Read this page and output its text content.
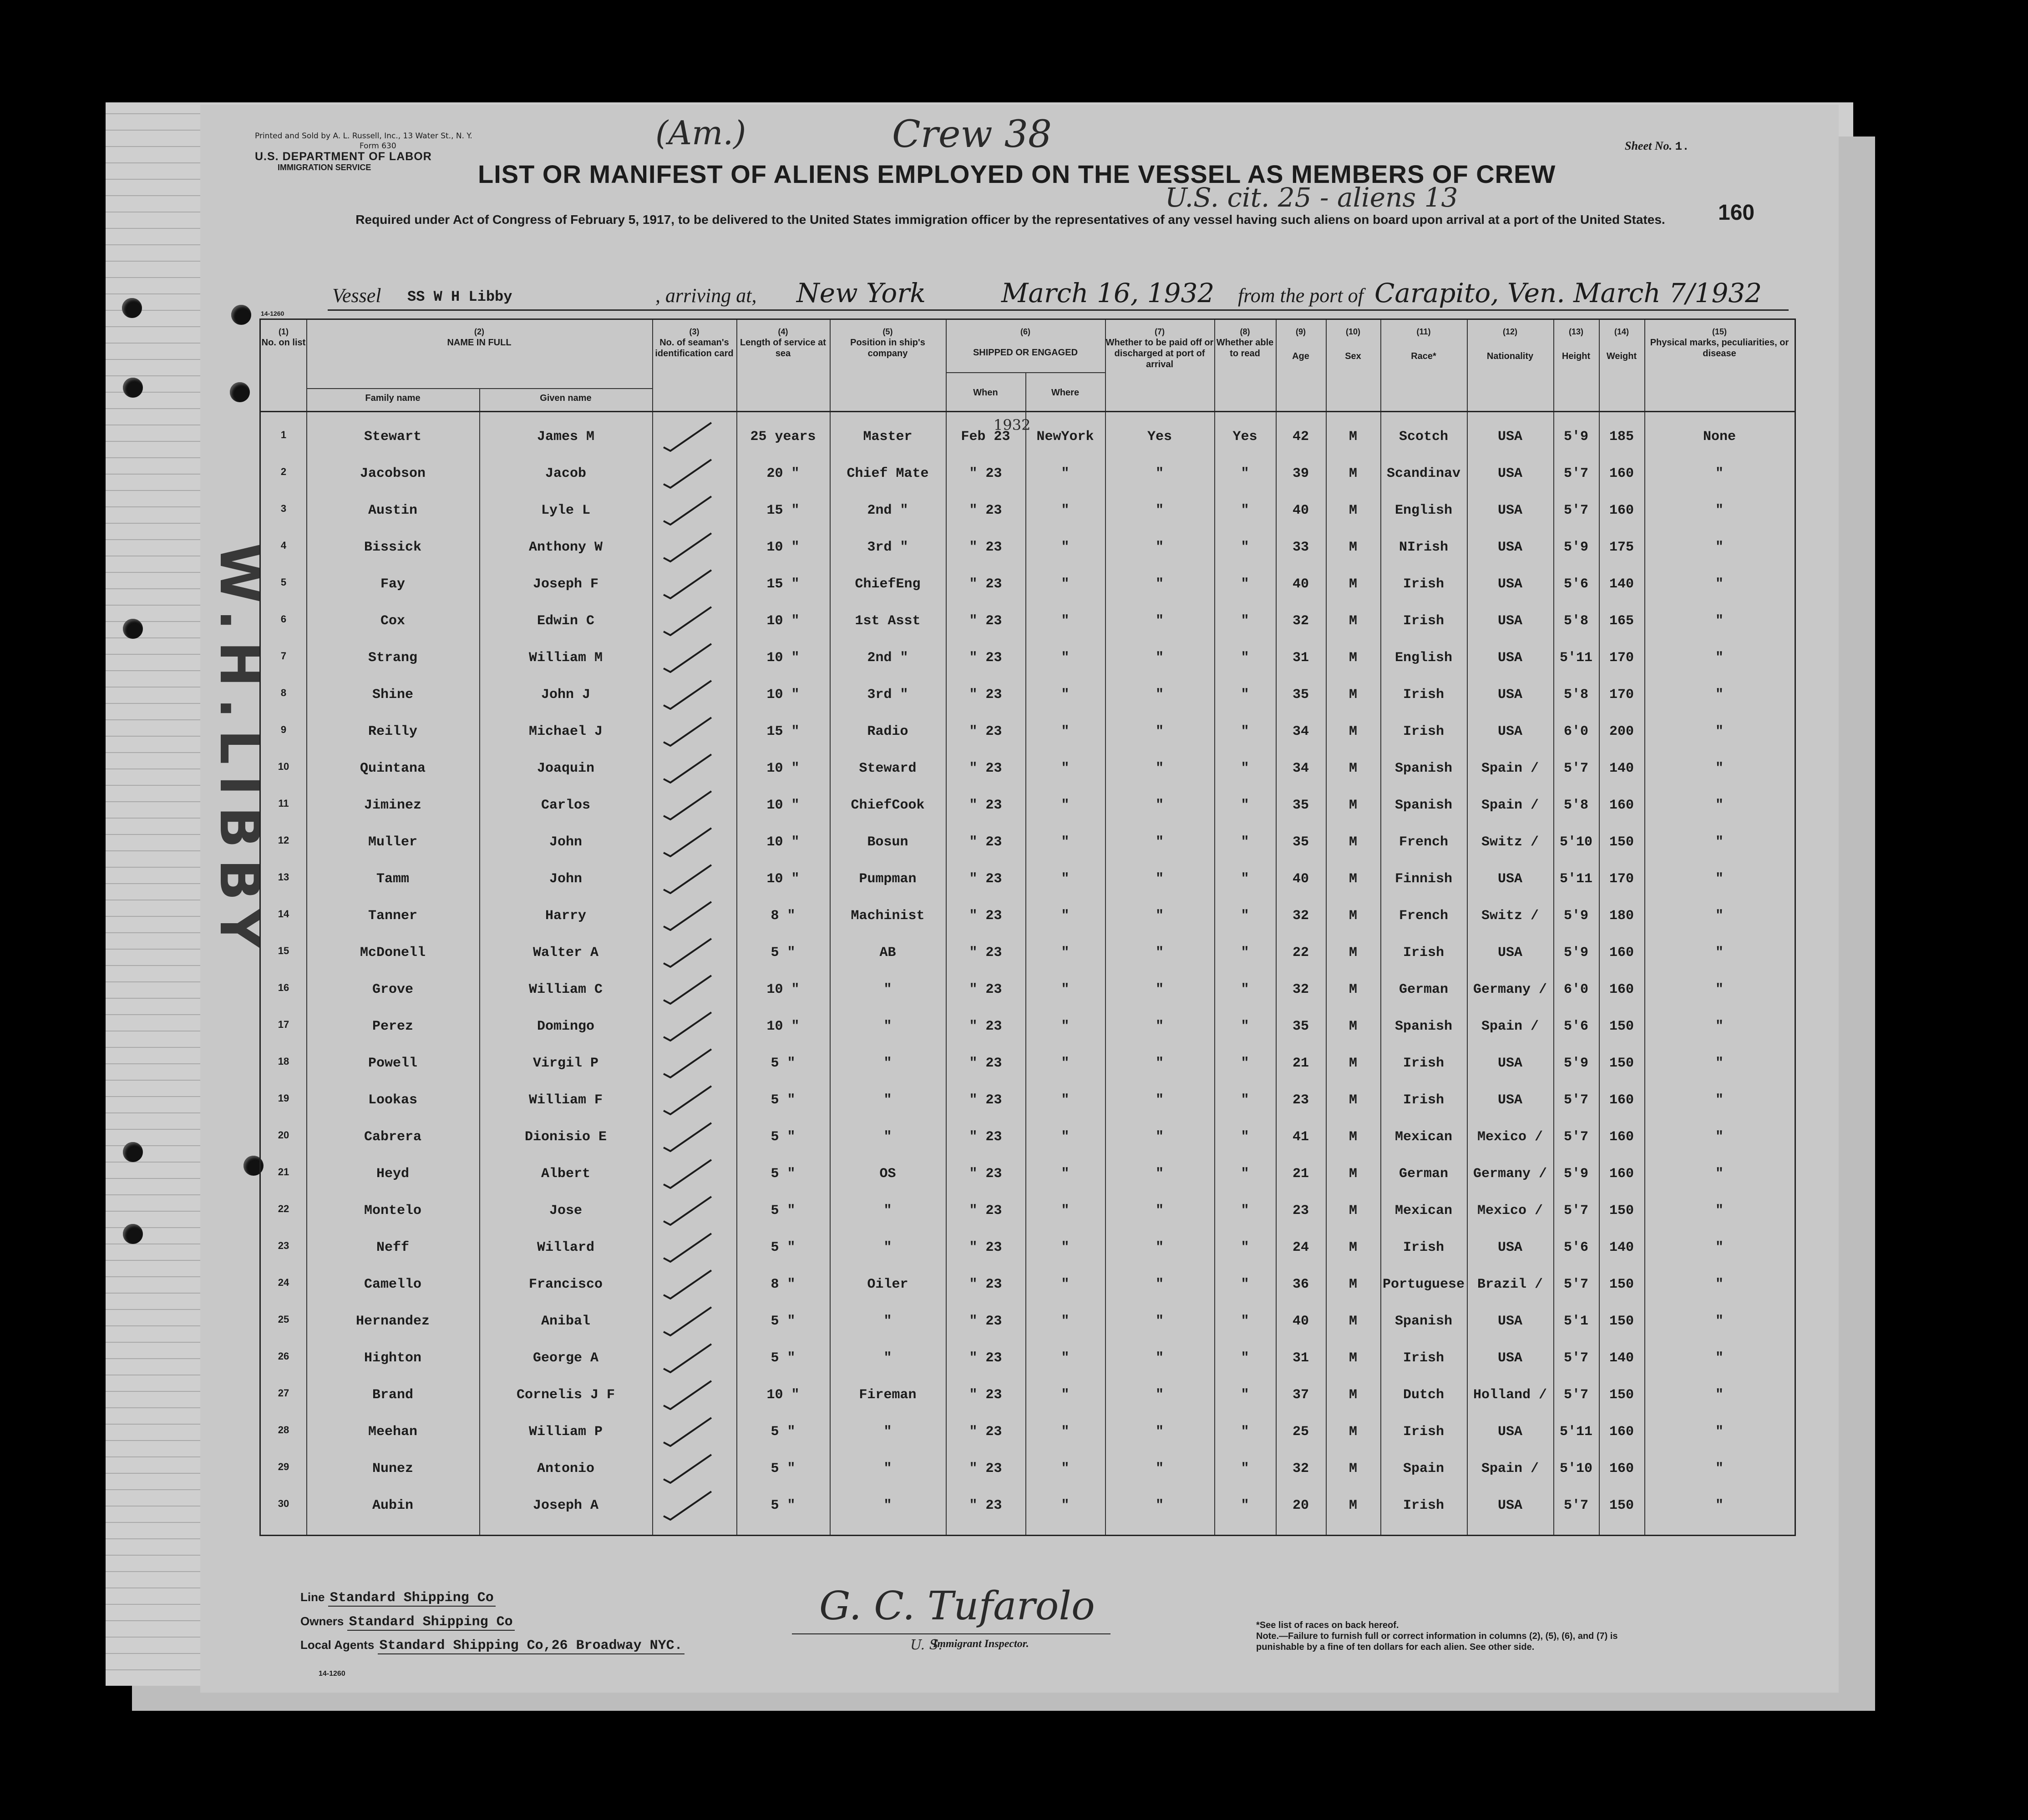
W.H.LIBBY
Printed and Sold by A. L. Russell, Inc., 13 Water St., N. Y.
Form 630
U.S. DEPARTMENT OF LABOR
IMMIGRATION SERVICE
(Am.)	Crew 38	Sheet No. 1.
LIST OR MANIFEST OF ALIENS EMPLOYED ON THE VESSEL AS MEMBERS OF CREW
U.S. cit. 25 - aliens 13
Required under Act of Congress of February 5, 1917, to be delivered to the United States immigration officer by the representatives of any vessel having such aliens on board upon arrival at a port of the United States.	160
Vessel SS W H Libby	, arriving at, New York	March 16, 1932 from the port of Carapito, Ven. March 7/1932
14-1260
(1)
No. on list
(2)
NAME IN FULL
Family name	Given name
(3)
No. of seaman's identification card
(4)
Length of service at sea
(5)
Position in ship's company
(6)
SHIPPED OR ENGAGED
When	Where
1932
(7)
Whether to be paid off or discharged at port of arrival
(8)
Whether able to read
(9)
Age
(10)
Sex
(11)
Race*
(12)
Nationality
(13)
Height
(14)
Weight
(15)
Physical marks, peculiarities, or disease
1	Stewart	James M	25 years	Master	Feb 23	NewYork	Yes	Yes	42	M	Scotch	USA	5'9	185	None
2	Jacobson	Jacob	20 "	Chief Mate	" 23	"	"	"	39	M	Scandinav	USA	5'7	160	"
3	Austin	Lyle L	15 "	2nd "	" 23	"	"	"	40	M	English	USA	5'7	160	"
4	Bissick	Anthony W	10 "	3rd "	" 23	"	"	"	33	M	NIrish	USA	5'9	175	"
5	Fay	Joseph F	15 "	ChiefEng	" 23	"	"	"	40	M	Irish	USA	5'6	140	"
6	Cox	Edwin C	10 "	1st Asst	" 23	"	"	"	32	M	Irish	USA	5'8	165	"
7	Strang	William M	10 "	2nd "	" 23	"	"	"	31	M	English	USA	5'11	170	"
8	Shine	John J	10 "	3rd "	" 23	"	"	"	35	M	Irish	USA	5'8	170	"
9	Reilly	Michael J	15 "	Radio	" 23	"	"	"	34	M	Irish	USA	6'0	200	"
10	Quintana	Joaquin	10 "	Steward	" 23	"	"	"	34	M	Spanish	Spain /	5'7	140	"
11	Jiminez	Carlos	10 "	ChiefCook	" 23	"	"	"	35	M	Spanish	Spain /	5'8	160	"
12	Muller	John	10 "	Bosun	" 23	"	"	"	35	M	French	Switz /	5'10	150	"
13	Tamm	John	10 "	Pumpman	" 23	"	"	"	40	M	Finnish	USA	5'11	170	"
14	Tanner	Harry	8 "	Machinist	" 23	"	"	"	32	M	French	Switz /	5'9	180	"
15	McDonell	Walter A	5 "	AB	" 23	"	"	"	22	M	Irish	USA	5'9	160	"
16	Grove	William C	10 "	"	" 23	"	"	"	32	M	German	Germany /	6'0	160	"
17	Perez	Domingo	10 "	"	" 23	"	"	"	35	M	Spanish	Spain /	5'6	150	"
18	Powell	Virgil P	5 "	"	" 23	"	"	"	21	M	Irish	USA	5'9	150	"
19	Lookas	William F	5 "	"	" 23	"	"	"	23	M	Irish	USA	5'7	160	"
20	Cabrera	Dionisio E	5 "	"	" 23	"	"	"	41	M	Mexican	Mexico /	5'7	160	"
21	Heyd	Albert	5 "	OS	" 23	"	"	"	21	M	German	Germany /	5'9	160	"
22	Montelo	Jose	5 "	"	" 23	"	"	"	23	M	Mexican	Mexico /	5'7	150	"
23	Neff	Willard	5 "	"	" 23	"	"	"	24	M	Irish	USA	5'6	140	"
24	Camello	Francisco	8 "	Oiler	" 23	"	"	"	36	M	Portuguese Brazil /	5'7	150	"
25	Hernandez	Anibal	5 "	"	" 23	"	"	"	40	M	Spanish	USA	5'1	150	"
26	Highton	George A	5 "	"	" 23	"	"	"	31	M	Irish	USA	5'7	140	"
27	Brand	Cornelis J F	10 "	Fireman	" 23	"	"	"	37	M	Dutch	Holland /	5'7	150	"
28	Meehan	William P	5 "	"	" 23	"	"	"	25	M	Irish	USA	5'11	160	"
29	Nunez	Antonio	5 "	"	" 23	"	"	"	32	M	Spain	Spain /	5'10	160	"
30	Aubin	Joseph A	5 "	"	" 23	"	"	"	20	M	Irish	USA	5'7	150	"
Line Standard Shipping Co
Owners Standard Shipping Co
Local Agents Standard Shipping Co,26 Broadway NYC.
G. C. Tufarolo
U. S.
Immigrant Inspector.
*See list of races on back hereof.
Note.—Failure to furnish full or correct information in columns (2), (5), (6), and (7) is punishable by a fine of ten dollars for each alien. See other side.
14-1260
